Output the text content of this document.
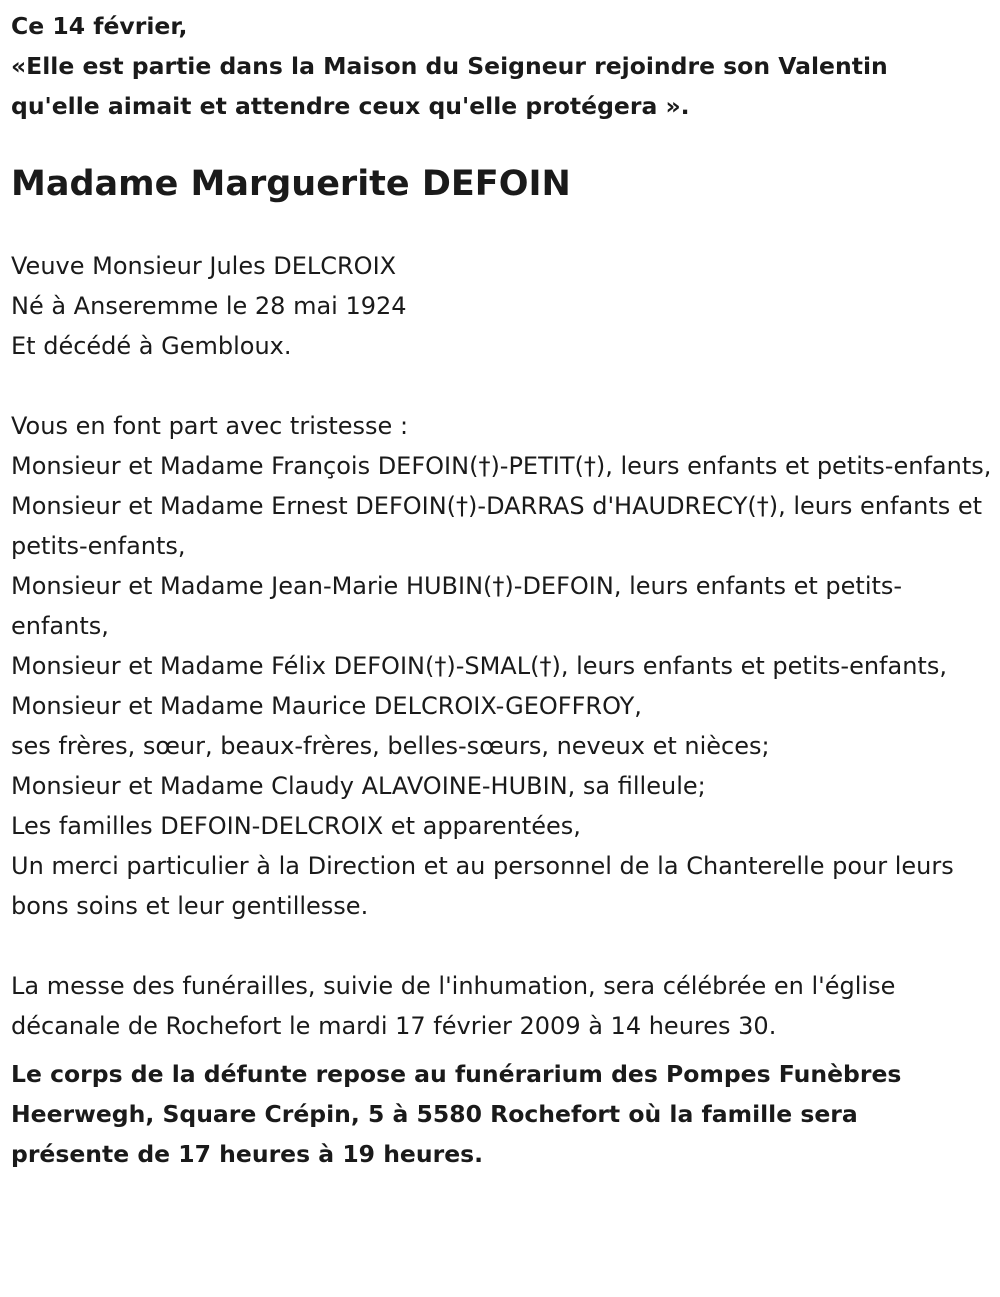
Ce 14 février,
«Elle est partie dans la Maison du Seigneur rejoindre son Valentin qu'elle aimait et attendre ceux qu'elle protégera ».
Madame Marguerite DEFOIN
Veuve Monsieur Jules DELCROIX
Né à Anseremme le 28 mai 1924
Et décédé à Gembloux.
Vous en font part avec tristesse :
Monsieur et Madame François DEFOIN(†)-PETIT(†), leurs enfants et petits-enfants,
Monsieur et Madame Ernest DEFOIN(†)-DARRAS d'HAUDRECY(†), leurs enfants et petits-enfants,
Monsieur et Madame Jean-Marie HUBIN(†)-DEFOIN, leurs enfants et petits-enfants,
Monsieur et Madame Félix DEFOIN(†)-SMAL(†), leurs enfants et petits-enfants,
Monsieur et Madame Maurice DELCROIX-GEOFFROY,
ses frères, sœur, beaux-frères, belles-sœurs, neveux et nièces;
Monsieur et Madame Claudy ALAVOINE-HUBIN, sa filleule;
Les familles DEFOIN-DELCROIX et apparentées,
Un merci particulier à la Direction et au personnel de la Chanterelle pour leurs bons soins et leur gentillesse.
La messe des funérailles, suivie de l'inhumation, sera célébrée en l'église décanale de Rochefort le mardi 17 février 2009 à 14 heures 30.
Le corps de la défunte repose au funérarium des Pompes Funèbres Heerwegh, Square Crépin, 5 à 5580 Rochefort où la famille sera présente de 17 heures à 19 heures.
